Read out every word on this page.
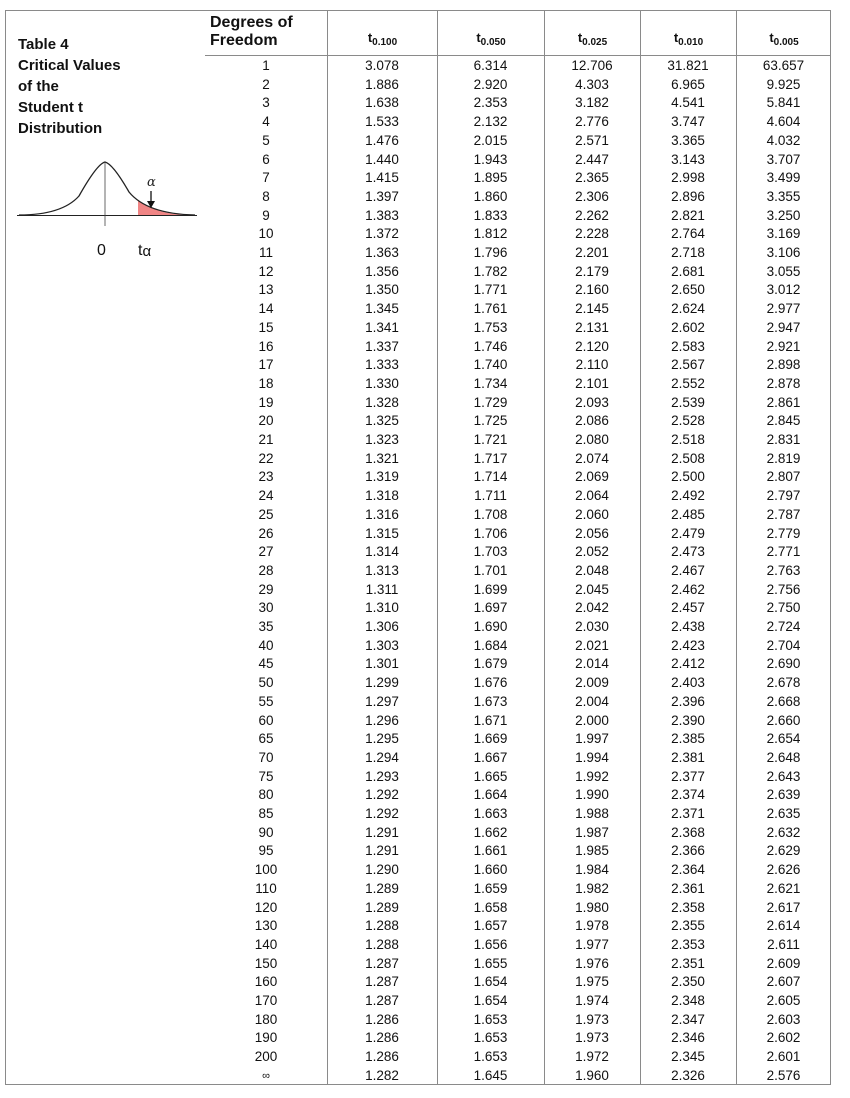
Table 4
Critical Values
of the
Student t
Distribution
α
0 $t_\alpha$
Degrees of
Freedom	$t_{0.100}$	$t_{0.050}$	$t_{0.025}$	$t_{0.010}$	$t_{0.005}$
1	3.078	6.314	12.706	31.821	63.657
2	1.886	2.920	4.303	6.965	9.925
3	1.638	2.353	3.182	4.541	5.841
4	1.533	2.132	2.776	3.747	4.604
5	1.476	2.015	2.571	3.365	4.032
6	1.440	1.943	2.447	3.143	3.707
7	1.415	1.895	2.365	2.998	3.499
8	1.397	1.860	2.306	2.896	3.355
9	1.383	1.833	2.262	2.821	3.250
10	1.372	1.812	2.228	2.764	3.169
11	1.363	1.796	2.201	2.718	3.106
12	1.356	1.782	2.179	2.681	3.055
13	1.350	1.771	2.160	2.650	3.012
14	1.345	1.761	2.145	2.624	2.977
15	1.341	1.753	2.131	2.602	2.947
16	1.337	1.746	2.120	2.583	2.921
17	1.333	1.740	2.110	2.567	2.898
18	1.330	1.734	2.101	2.552	2.878
19	1.328	1.729	2.093	2.539	2.861
20	1.325	1.725	2.086	2.528	2.845
21	1.323	1.721	2.080	2.518	2.831
22	1.321	1.717	2.074	2.508	2.819
23	1.319	1.714	2.069	2.500	2.807
24	1.318	1.711	2.064	2.492	2.797
25	1.316	1.708	2.060	2.485	2.787
26	1.315	1.706	2.056	2.479	2.779
27	1.314	1.703	2.052	2.473	2.771
28	1.313	1.701	2.048	2.467	2.763
29	1.311	1.699	2.045	2.462	2.756
30	1.310	1.697	2.042	2.457	2.750
35	1.306	1.690	2.030	2.438	2.724
40	1.303	1.684	2.021	2.423	2.704
45	1.301	1.679	2.014	2.412	2.690
50	1.299	1.676	2.009	2.403	2.678
55	1.297	1.673	2.004	2.396	2.668
60	1.296	1.671	2.000	2.390	2.660
65	1.295	1.669	1.997	2.385	2.654
70	1.294	1.667	1.994	2.381	2.648
75	1.293	1.665	1.992	2.377	2.643
80	1.292	1.664	1.990	2.374	2.639
85	1.292	1.663	1.988	2.371	2.635
90	1.291	1.662	1.987	2.368	2.632
95	1.291	1.661	1.985	2.366	2.629
100	1.290	1.660	1.984	2.364	2.626
110	1.289	1.659	1.982	2.361	2.621
120	1.289	1.658	1.980	2.358	2.617
130	1.288	1.657	1.978	2.355	2.614
140	1.288	1.656	1.977	2.353	2.611
150	1.287	1.655	1.976	2.351	2.609
160	1.287	1.654	1.975	2.350	2.607
170	1.287	1.654	1.974	2.348	2.605
180	1.286	1.653	1.973	2.347	2.603
190	1.286	1.653	1.973	2.346	2.602
200	1.286	1.653	1.972	2.345	2.601
∞	1.282	1.645	1.960	2.326	2.576
